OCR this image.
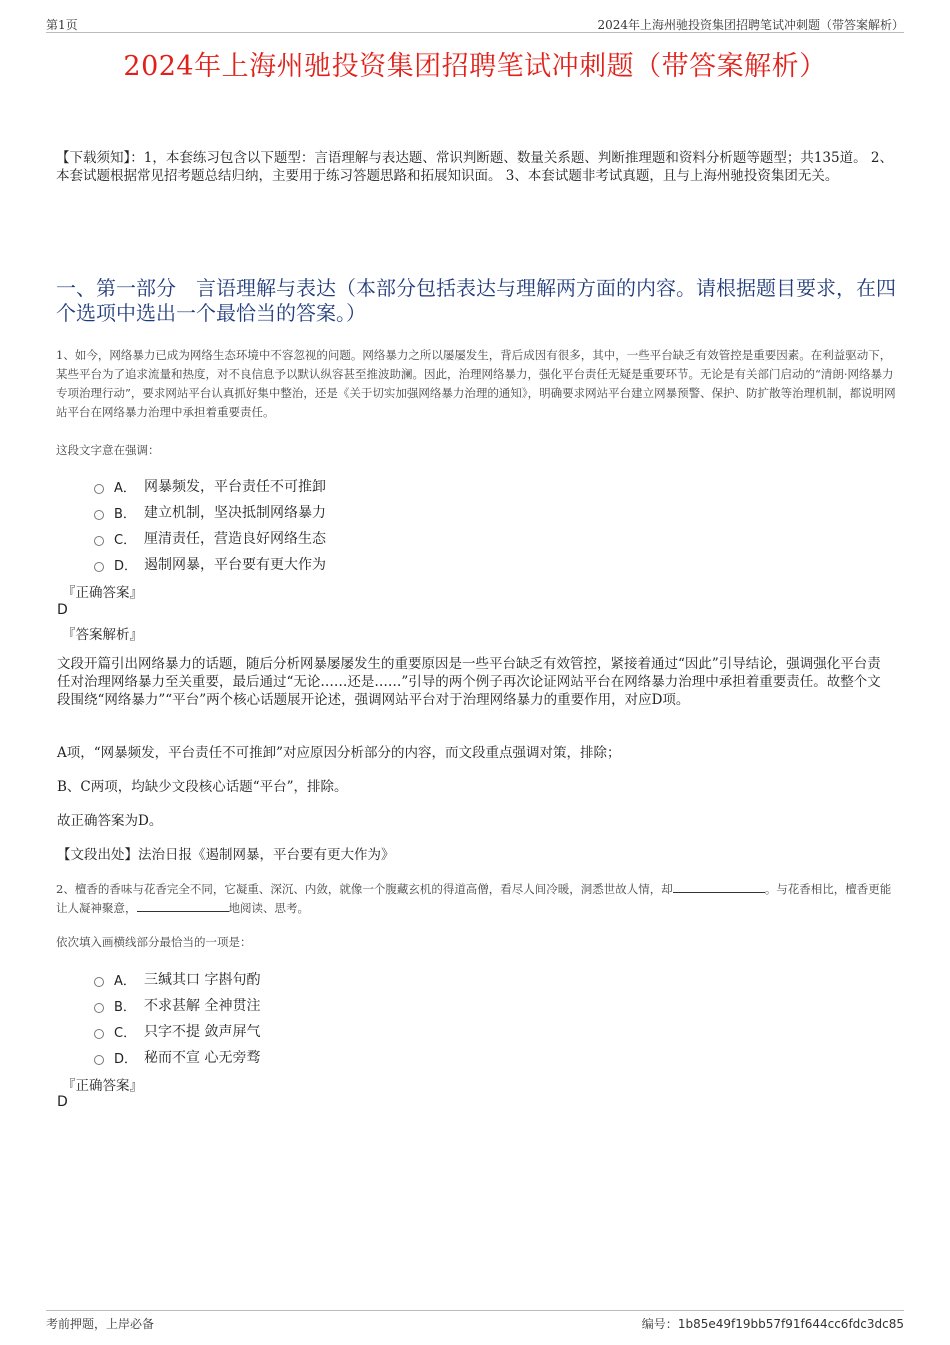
第1页	2024年上海州驰投资集团招聘笔试冲刺题（带答案解析）
2024年上海州驰投资集团招聘笔试冲刺题（带答案解析）
【下载须知】：1，本套练习包含以下题型：言语理解与表达题、常识判断题、数量关系题、判断推理题和资料分析题等题型；共135道。 2、本套试题根据常见招考题总结归纳，主要用于练习答题思路和拓展知识面。 3、本套试题非考试真题，且与上海州驰投资集团无关。
一、第一部分　言语理解与表达（本部分包括表达与理解两方面的内容。请根据题目要求，在四个选项中选出一个最恰当的答案。）
1、如今，网络暴力已成为网络生态环境中不容忽视的问题。网络暴力之所以屡屡发生，背后成因有很多，其中，一些平台缺乏有效管控是重要因素。在利益驱动下，某些平台为了追求流量和热度，对不良信息予以默认纵容甚至推波助澜。因此，治理网络暴力，强化平台责任无疑是重要环节。无论是有关部门启动的“清朗·网络暴力专项治理行动”，要求网站平台认真抓好集中整治，还是《关于切实加强网络暴力治理的通知》，明确要求网站平台建立网暴预警、保护、防扩散等治理机制，都说明网站平台在网络暴力治理中承担着重要责任。
这段文字意在强调：
A． 网暴频发，平台责任不可推卸
B． 建立机制，坚决抵制网络暴力
C． 厘清责任，营造良好网络生态
D． 遏制网暴，平台要有更大作为
『正确答案』
D
『答案解析』
文段开篇引出网络暴力的话题，随后分析网暴屡屡发生的重要原因是一些平台缺乏有效管控，紧接着通过“因此”引导结论，强调强化平台责任对治理网络暴力至关重要，最后通过“无论……还是……”引导的两个例子再次论证网站平台在网络暴力治理中承担着重要责任。故整个文段围绕“网络暴力”“平台”两个核心话题展开论述，强调网站平台对于治理网络暴力的重要作用，对应D项。
A项，“网暴频发，平台责任不可推卸”对应原因分析部分的内容，而文段重点强调对策，排除；
B、C两项，均缺少文段核心话题“平台”，排除。
故正确答案为D。
【文段出处】法治日报《遏制网暴，平台要有更大作为》
2、檀香的香味与花香完全不同，它凝重、深沉、内敛，就像一个腹藏玄机的得道高僧，看尽人间冷暖，洞悉世故人情，却	。与花香相比，檀香更能让人凝神聚意，	地阅读、思考。
依次填入画横线部分最恰当的一项是：
A． 三缄其口 字斟句酌
B． 不求甚解 全神贯注
C． 只字不提 敛声屏气
D． 秘而不宣 心无旁骛
『正确答案』
D
考前押题，上岸必备	编号：1b85e49f19bb57f91f644cc6fdc3dc85
